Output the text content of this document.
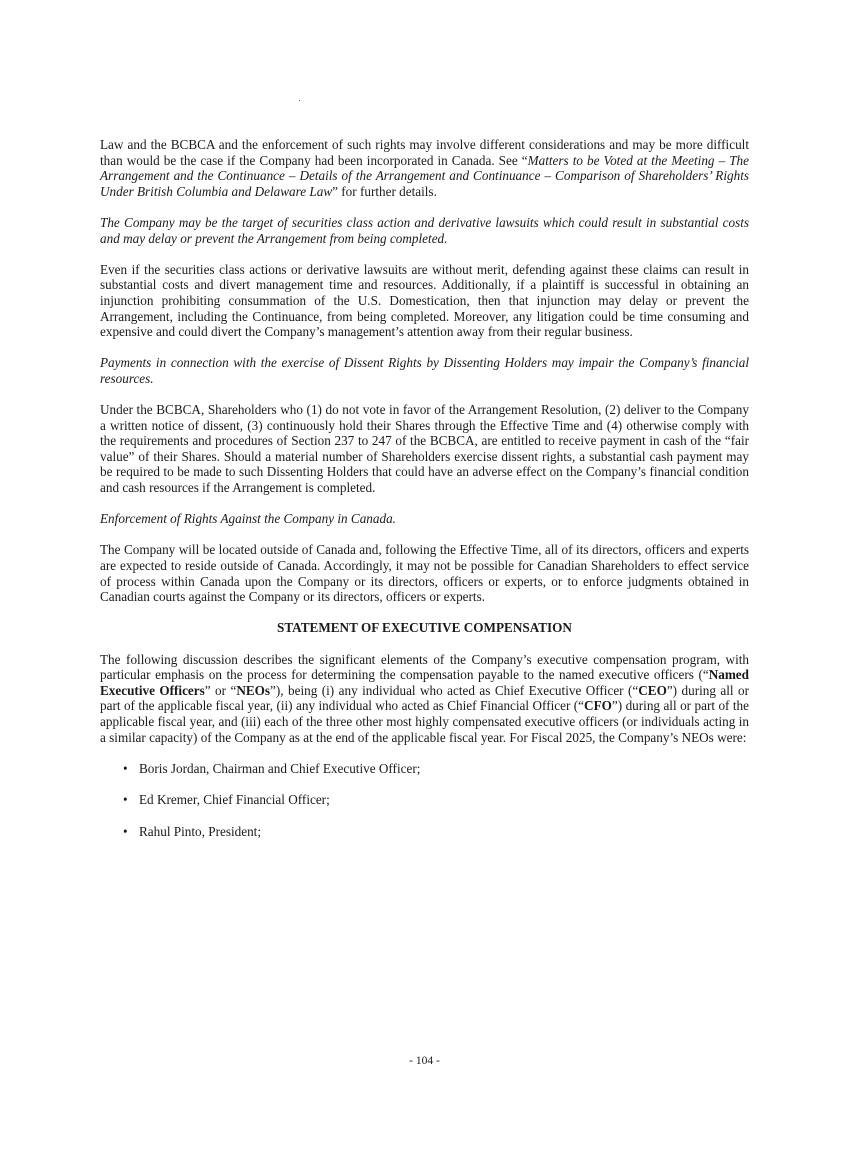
Law and the BCBCA and the enforcement of such rights may involve different considerations and may be more difficult than would be the case if the Company had been incorporated in Canada. See “Matters to be Voted at the Meeting – The Arrangement and the Continuance – Details of the Arrangement and Continuance – Comparison of Shareholders’ Rights Under British Columbia and Delaware Law” for further details.

The Company may be the target of securities class action and derivative lawsuits which could result in substantial costs and may delay or prevent the Arrangement from being completed.

Even if the securities class actions or derivative lawsuits are without merit, defending against these claims can result in substantial costs and divert management time and resources. Additionally, if a plaintiff is successful in obtaining an injunction prohibiting consummation of the U.S. Domestication, then that injunction may delay or prevent the Arrangement, including the Continuance, from being completed. Moreover, any litigation could be time consuming and expensive and could divert the Company’s management’s attention away from their regular business.

Payments in connection with the exercise of Dissent Rights by Dissenting Holders may impair the Company’s financial resources.

Under the BCBCA, Shareholders who (1) do not vote in favor of the Arrangement Resolution, (2) deliver to the Company a written notice of dissent, (3) continuously hold their Shares through the Effective Time and (4) otherwise comply with the requirements and procedures of Section 237 to 247 of the BCBCA, are entitled to receive payment in cash of the “fair value” of their Shares. Should a material number of Shareholders exercise dissent rights, a substantial cash payment may be required to be made to such Dissenting Holders that could have an adverse effect on the Company’s financial condition and cash resources if the Arrangement is completed.

Enforcement of Rights Against the Company in Canada.

The Company will be located outside of Canada and, following the Effective Time, all of its directors, officers and experts are expected to reside outside of Canada. Accordingly, it may not be possible for Canadian Shareholders to effect service of process within Canada upon the Company or its directors, officers or experts, or to enforce judgments obtained in Canadian courts against the Company or its directors, officers or experts.

STATEMENT OF EXECUTIVE COMPENSATION

The following discussion describes the significant elements of the Company’s executive compensation program, with particular emphasis on the process for determining the compensation payable to the named executive officers (“Named Executive Officers” or “NEOs”), being (i) any individual who acted as Chief Executive Officer (“CEO”) during all or part of the applicable fiscal year, (ii) any individual who acted as Chief Financial Officer (“CFO”) during all or part of the applicable fiscal year, and (iii) each of the three other most highly compensated executive officers (or individuals acting in a similar capacity) of the Company as at the end of the applicable fiscal year. For Fiscal 2025, the Company’s NEOs were:

• Boris Jordan, Chairman and Chief Executive Officer;
• Ed Kremer, Chief Financial Officer;
• Rahul Pinto, President;
- 104 -
